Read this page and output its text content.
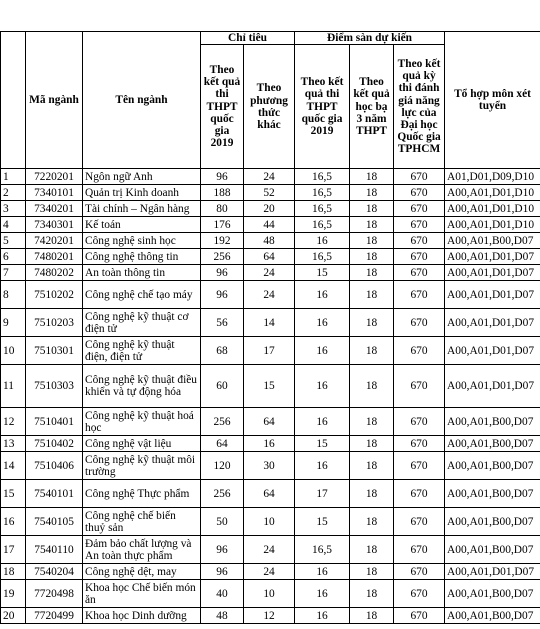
	Mã ngành	Tên ngành	Chỉ tiêu		Điểm sàn dự kiến			Tổ hợp môn xét tuyển
			Theo kết quả thi THPT quốc gia 2019	Theo phương thức khác	Theo kết quả thi THPT quốc gia 2019	Theo kết quả học bạ 3 năm THPT	Theo kết quả kỳ thi đánh giá năng lực của Đại học Quốc gia TPHCM	
1	7220201	Ngôn ngữ Anh	96	24	16,5	18	670	A01,D01,D09,D10
2	7340101	Quản trị Kinh doanh	188	52	16,5	18	670	A00,A01,D01,D10
3	7340201	Tài chính – Ngân hàng	80	20	16,5	18	670	A00,A01,D01,D10
4	7340301	Kế toán	176	44	16,5	18	670	A00,A01,D01,D10
5	7420201	Công nghệ sinh học	192	48	16	18	670	A00,A01,B00,D07
6	7480201	Công nghệ thông tin	256	64	16,5	18	670	A00,A01,D01,D07
7	7480202	An toàn thông tin	96	24	15	18	670	A00,A01,D01,D07
8	7510202	Công nghệ chế tạo máy	96	24	16	18	670	A00,A01,D01,D07
9	7510203	Công nghệ kỹ thuật cơ điện tử	56	14	16	18	670	A00,A01,D01,D07
10	7510301	Công nghệ kỹ thuật điện, điện tử	68	17	16	18	670	A00,A01,D01,D07
11	7510303	Công nghệ kỹ thuật điều khiển và tự động hóa	60	15	16	18	670	A00,A01,D01,D07
12	7510401	Công nghệ kỹ thuật hoá học	256	64	16	18	670	A00,A01,B00,D07
13	7510402	Công nghệ vật liệu	64	16	15	18	670	A00,A01,B00,D07
14	7510406	Công nghệ kỹ thuật môi trường	120	30	16	18	670	A00,A01,B00,D07
15	7540101	Công nghệ Thực phẩm	256	64	17	18	670	A00,A01,B00,D07
16	7540105	Công nghệ chế biến thuỷ sản	50	10	15	18	670	A00,A01,B00,D07
17	7540110	Đảm bảo chất lượng và An toàn thực phẩm	96	24	16,5	18	670	A00,A01,B00,D07
18	7540204	Công nghệ dệt, may	96	24	16	18	670	A00,A01,D01,D07
19	7720498	Khoa học Chế biến món ăn	40	10	16	18	670	A00,A01,B00,D07
20	7720499	Khoa học Dinh dưỡng	48	12	16	18	670	A00,A01,B00,D07
